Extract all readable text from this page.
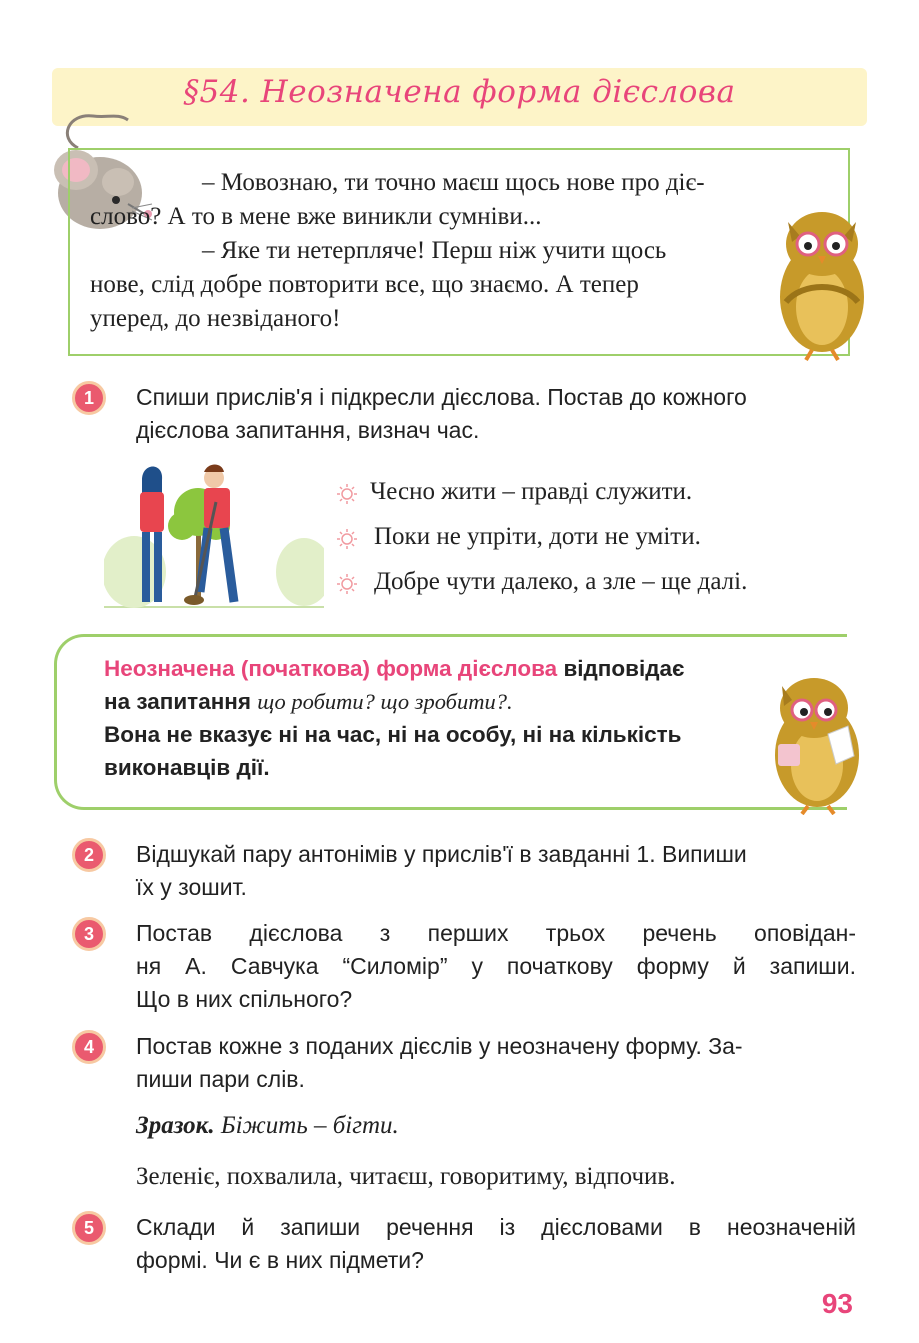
§54. Неозначена форма дієслова
– Мовознаю, ти точно маєш щось нове про діє-
слово? А то в мене вже виникли сумніви...
– Яке ти нетерпляче! Перш ніж учити щось
нове, слід добре повторити все, що знаємо. А тепер
уперед, до незвіданого!
1	Спиши прислів'я і підкресли дієслова. Постав до кожного
дієслова запитання, визнач час.
Чесно жити – правді служити.
Поки не упріти, доти не уміти.
Добре чути далеко, а зле – ще далі.
Неозначена (початкова) форма дієслова відповідає
на запитання що робити? що зробити?.
Вона не вказує ні на час, ні на особу, ні на кількість
виконавців дії.
2	Відшукай пару антонімів у прислів'ї в завданні 1. Випиши
їх у зошит.
3	Постав дієслова з перших трьох речень оповідан-
ня А. Савчука “Силомір” у початкову форму й запиши.
Що в них спільного?
4	Постав кожне з поданих дієслів у неозначену форму. За-
пиши пари слів.
Зразок. Біжить – бігти.
Зеленіє, похвалила, читаєш, говоритиму, відпочив.
5	Склади й запиши речення із дієсловами в неозначеній
формі. Чи є в них підмети?
93
